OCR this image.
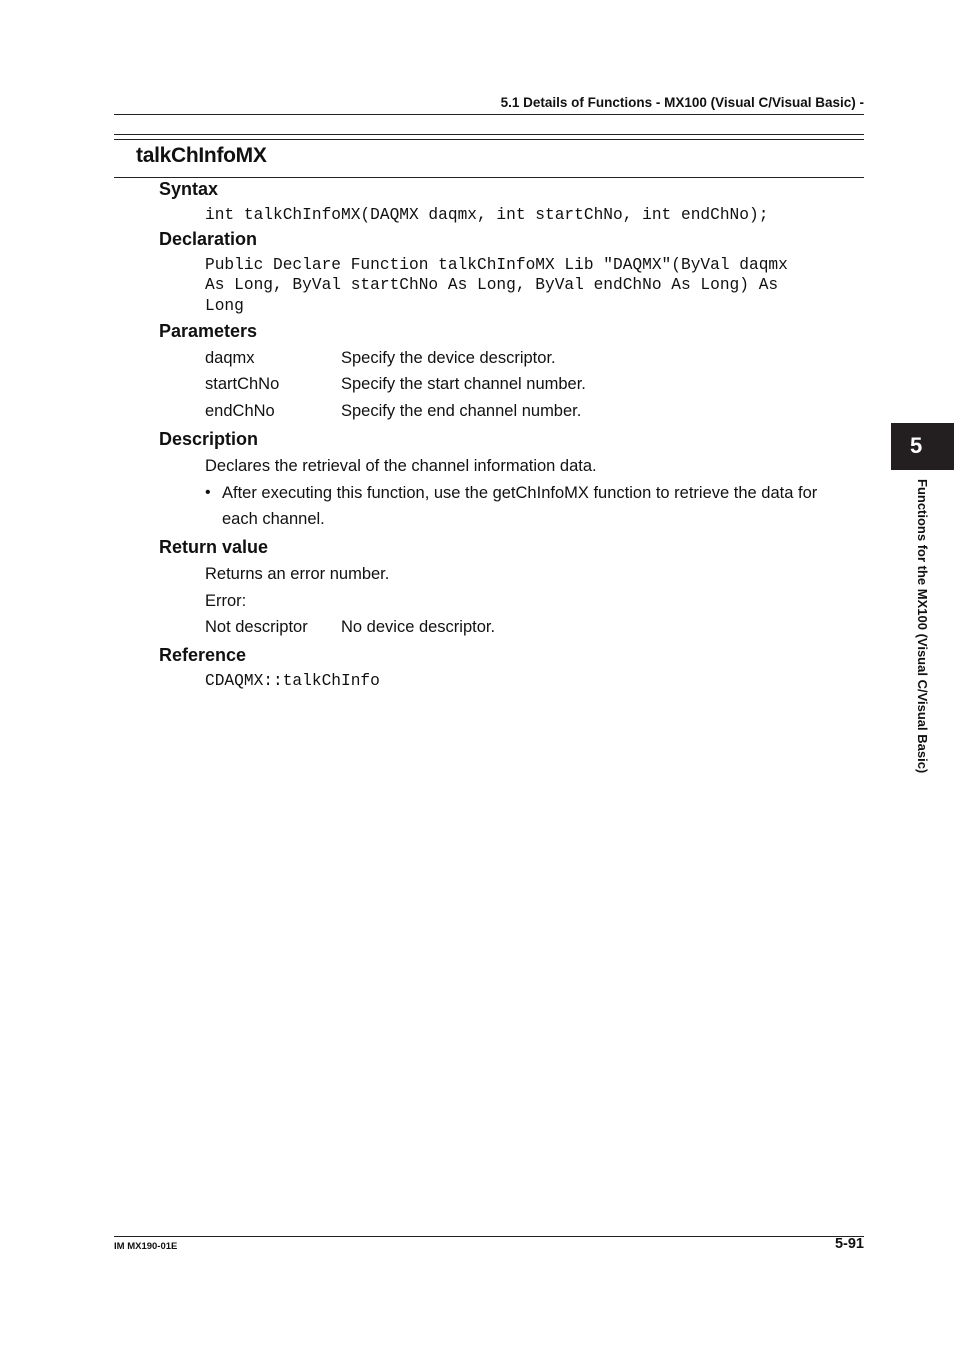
5.1 Details of Functions - MX100 (Visual C/Visual Basic) -
talkChInfoMX
Syntax
int talkChInfoMX(DAQMX daqmx, int startChNo, int endChNo);
Declaration
Public Declare Function talkChInfoMX Lib "DAQMX"(ByVal daqmx
As Long, ByVal startChNo As Long, ByVal endChNo As Long) As
Long
Parameters
daqmx	Specify the device descriptor.
startChNo	Specify the start channel number.
endChNo	Specify the end channel number.
Description
Declares the retrieval of the channel information data.
• After executing this function, use the getChInfoMX function to retrieve the data for
each channel.
Return value
Returns an error number.
Error:
Not descriptor No device descriptor.
Reference
CDAQMX::talkChInfo
5
Functions for the MX100 (Visual C/Visual Basic)
IM MX190-01E	5-91
